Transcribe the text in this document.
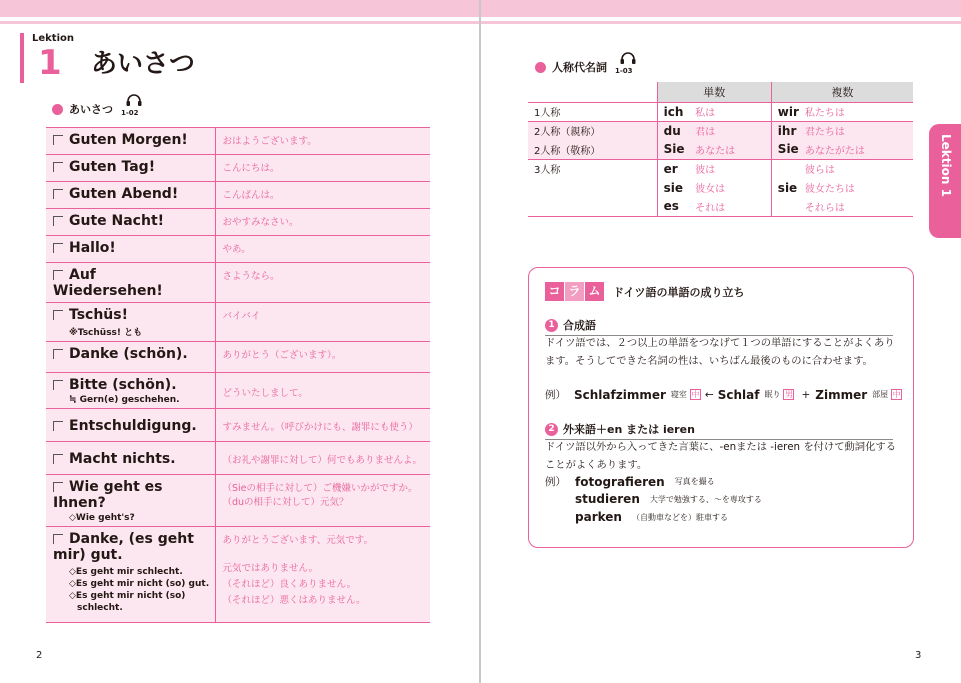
Lektion
1 あいさつ
あいさつ 1-02
Guten Morgen!	おはようございます。

Guten Tag!	こんにちは。

Guten Abend!	こんばんは。

Gute Nacht!	おやすみなさい。

Hallo!	やあ。

Auf Wiedersehen!	さようなら。

Tschüs!
※Tschüss! とも	バイバイ

Danke (schön).	ありがとう（ございます）。

Bitte (schön).
≒ Gern(e) geschehen.	どういたしまして。

Entschuldigung.	すみません。（呼びかけにも、謝罪にも使う）

Macht nichts.	（お礼や謝罪に対して）何でもありませんよ。

Wie geht es Ihnen?
◇Wie geht's?	（Sieの相手に対して）ご機嫌いかがですか。
（duの相手に対して）元気？

Danke, (es geht mir) gut.
◇Es geht mir schlecht.
◇Es geht mir nicht (so) gut.
◇Es geht mir nicht (so)
schlecht.	ありがとうございます、元気です。
元気ではありません。
（それほど）良くありません。
（それほど）悪くはありません。
2
人称代名詞 1-03
Lektion 1
3
	単数		複数	
1人称	ich	私は	wir	私たちは
2人称（親称）	du	君は	ihr	君たちは
2人称（敬称）	Sie	あなたは	Sie	あなたがたは
3人称	er	彼は		彼らは
	sie	彼女は	sie	彼女たちは
	es	それは		それらは
コ ラ ム	ドイツ語の単語の成り立ち
1 合成語
ドイツ語では、２つ以上の単語をつなげて１つの単語にすることがよくあります。そうしてできた名詞の性は、いちばん最後のものに合わせます。
例） Schlafzimmer 寝室 中 ← Schlaf 眠り 男 + Zimmer 部屋 中
2 外来語＋en または ieren
ドイツ語以外から入ってきた言葉に、-enまたは -ieren を付けて動詞化することがよくあります。
例） fotografieren 写真を撮る
studieren 大学で勉強する、～を専攻する
parken （自動車などを）駐車する
